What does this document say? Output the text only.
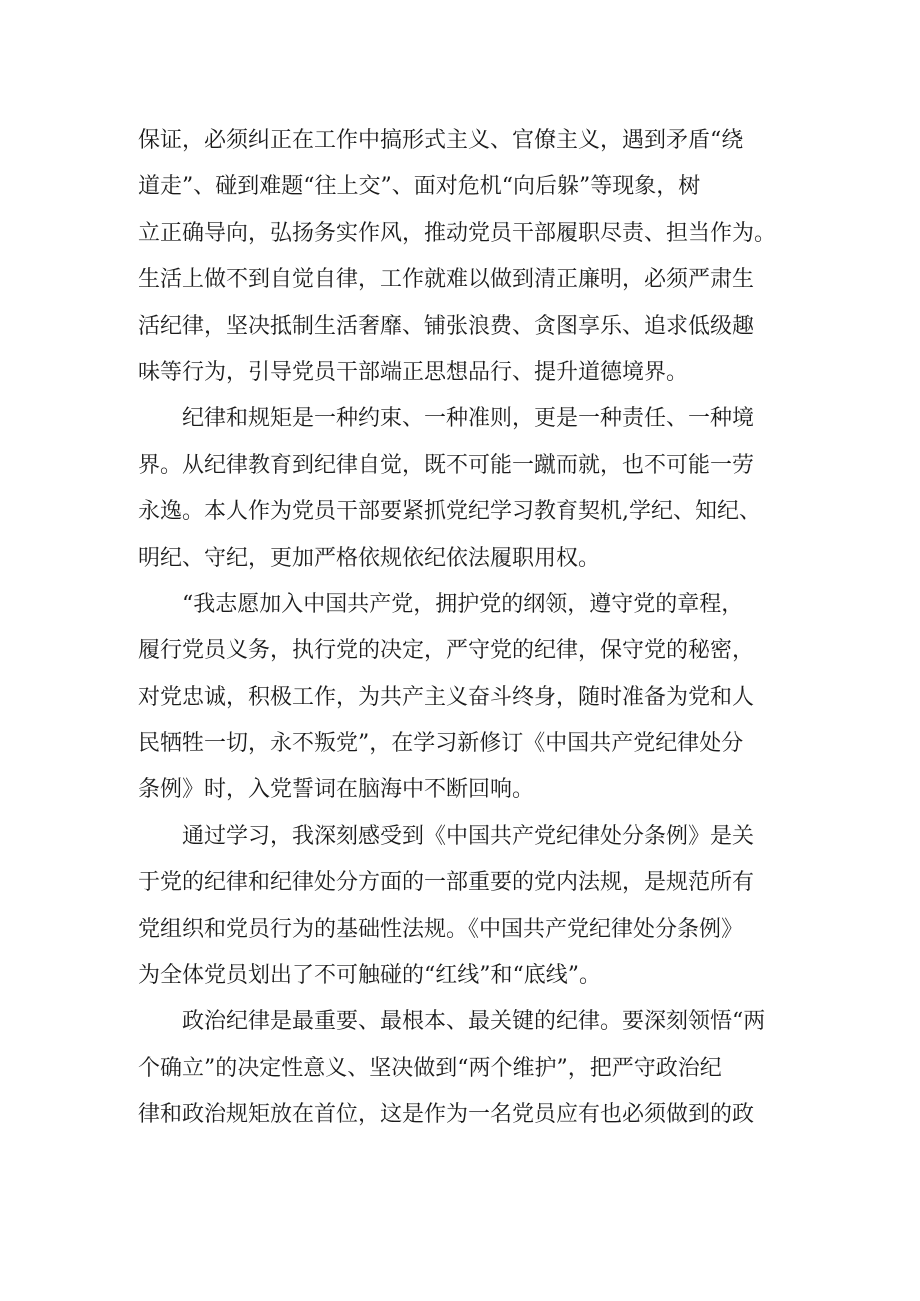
保证，必须纠正在工作中搞形式主义、官僚主义，遇到矛盾“绕
道走”、碰到难题“往上交”、面对危机“向后躲”等现象，树
立正确导向，弘扬务实作风，推动党员干部履职尽责、担当作为。
生活上做不到自觉自律，工作就难以做到清正廉明，必须严肃生
活纪律，坚决抵制生活奢靡、铺张浪费、贪图享乐、追求低级趣
味等行为，引导党员干部端正思想品行、提升道德境界。
　　纪律和规矩是一种约束、一种准则，更是一种责任、一种境
界。从纪律教育到纪律自觉，既不可能一蹴而就，也不可能一劳
永逸。本人作为党员干部要紧抓党纪学习教育契机,学纪、知纪、
明纪、守纪，更加严格依规依纪依法履职用权。
　　“我志愿加入中国共产党，拥护党的纲领，遵守党的章程，
履行党员义务，执行党的决定，严守党的纪律，保守党的秘密，
对党忠诚，积极工作，为共产主义奋斗终身，随时准备为党和人
民牺牲一切，永不叛党”，在学习新修订《中国共产党纪律处分
条例》时，入党誓词在脑海中不断回响。
　　通过学习，我深刻感受到《中国共产党纪律处分条例》是关
于党的纪律和纪律处分方面的一部重要的党内法规，是规范所有
党组织和党员行为的基础性法规。《中国共产党纪律处分条例》
为全体党员划出了不可触碰的“红线”和“底线”。
　　政治纪律是最重要、最根本、最关键的纪律。要深刻领悟“两
个确立”的决定性意义、坚决做到“两个维护”，把严守政治纪
律和政治规矩放在首位，这是作为一名党员应有也必须做到的政
